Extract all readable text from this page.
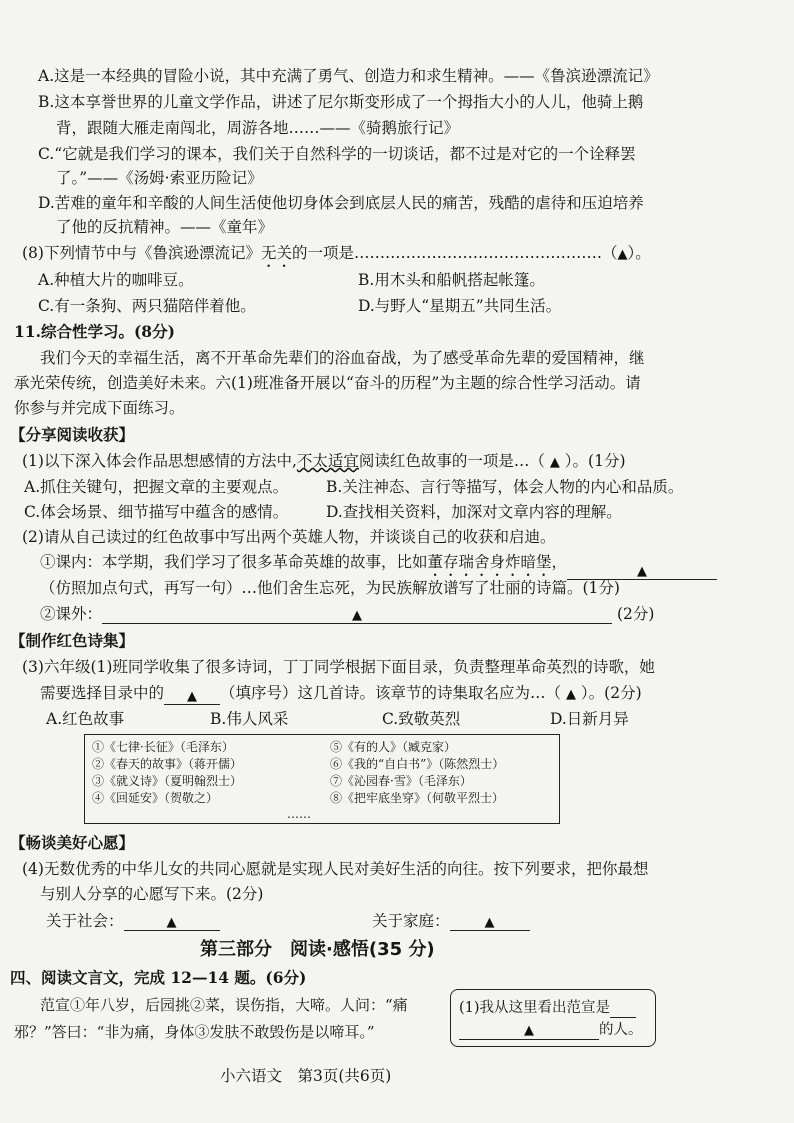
A.这是一本经典的冒险小说，其中充满了勇气、创造力和求生精神。——《鲁滨逊漂流记》
B.这本享誉世界的儿童文学作品，讲述了尼尔斯变形成了一个拇指大小的人儿，他骑上鹅
背，跟随大雁走南闯北，周游各地……——《骑鹅旅行记》
C.“它就是我们学习的课本，我们关于自然科学的一切谈话，都不过是对它的一个诠释罢
了。”——《汤姆·索亚历险记》
D.苦难的童年和辛酸的人间生活使他切身体会到底层人民的痛苦，残酷的虐待和压迫培养
了他的反抗精神。——《童年》
(8)下列情节中与《鲁滨逊漂流记》无关的一项是…………………………………………（▲）。
A.种植大片的咖啡豆。	B.用木头和船帆搭起帐篷。
C.有一条狗、两只猫陪伴着他。	D.与野人“星期五”共同生活。
11.综合性学习。(8分)
我们今天的幸福生活，离不开革命先辈们的浴血奋战，为了感受革命先辈的爱国精神，继
承光荣传统，创造美好未来。六(1)班准备开展以“奋斗的历程”为主题的综合性学习活动。请
你参与并完成下面练习。
【分享阅读收获】
(1)以下深入体会作品思想感情的方法中,不太适宜阅读红色故事的一项是…（ ▲ ）。(1分)
A.抓住关键句，把握文章的主要观点。 B.关注神态、言行等描写，体会人物的内心和品质。
C.体会场景、细节描写中蕴含的感情。 D.查找相关资料，加深对文章内容的理解。
(2)请从自己读过的红色故事中写出两个英雄人物，并谈谈自己的收获和启迪。
①课内：本学期，我们学习了很多革命英雄的故事，比如董存瑞舍身炸暗堡，▲
（仿照加点句式，再写一句）…他们舍生忘死，为民族解放谱写了壮丽的诗篇。(1分)
②课外：	▲	(2分)
【制作红色诗集】
(3)六年级(1)班同学收集了很多诗词，丁丁同学根据下面目录，负责整理革命英烈的诗歌，她
需要选择目录中的 ▲ （填序号）这几首诗。该章节的诗集取名应为…（ ▲ ）。(2分)
A.红色故事	B.伟人风采	C.致敬英烈	D.日新月异
①《七律·长征》（毛泽东）
②《春天的故事》（蒋开儒）
③《就义诗》（夏明翰烈士）
④《回延安》（贺敬之）
⑤《有的人》（臧克家）
⑥《我的“自白书”》（陈然烈士）
⑦《沁园春·雪》（毛泽东）
⑧《把牢底坐穿》（何敬平烈士）
……
【畅谈美好心愿】
(4)无数优秀的中华儿女的共同心愿就是实现人民对美好生活的向往。按下列要求，把你最想
与别人分享的心愿写下来。(2分)
关于社会：	▲	关于家庭：	▲
第三部分　阅读·感悟(35 分)
四、阅读文言文，完成 12—14 题。(6分)
范宣①年八岁，后园挑②菜，误伤指，大啼。人问：“痛
邪？”答曰：“非为痛，身体③发肤不敢毁伤是以啼耳。”
(1)我从这里看出范宣是
▲	的人。
小六语文　第3页(共6页)
